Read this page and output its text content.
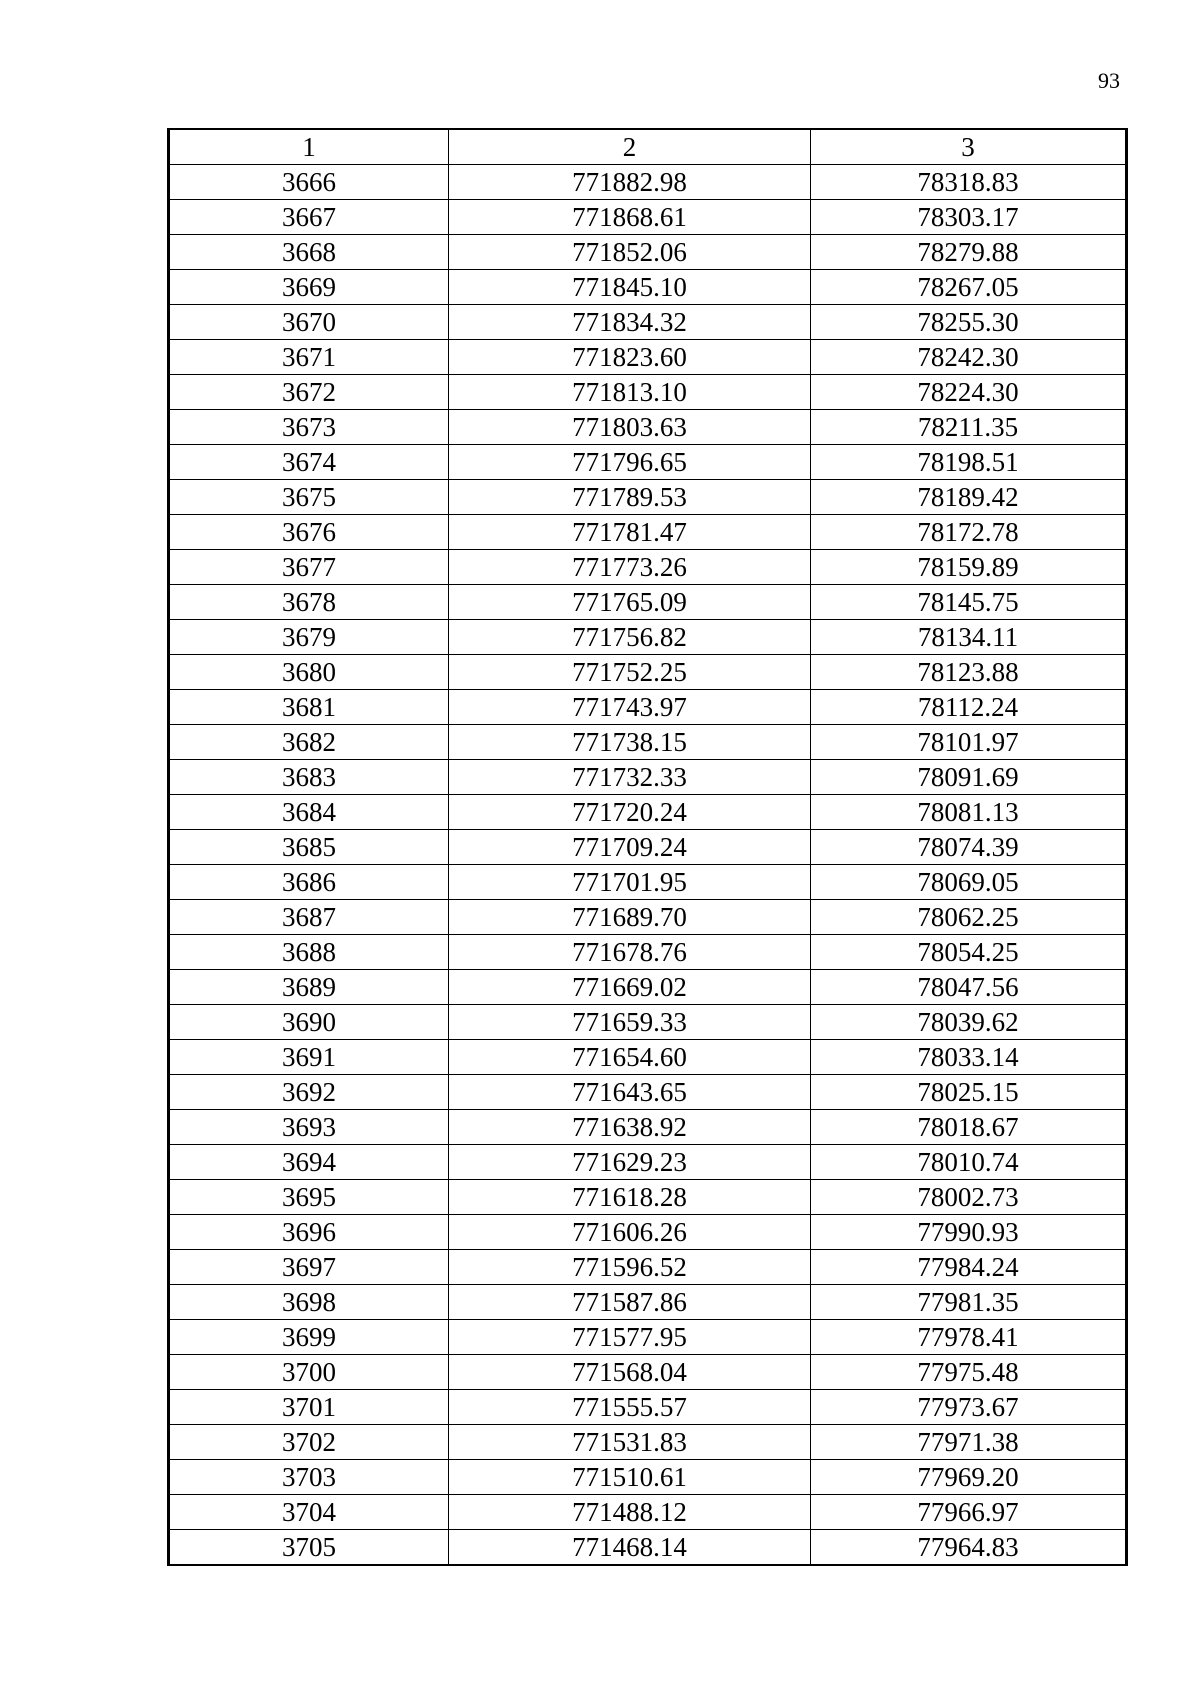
93
1	2	3
3666	771882.98	78318.83
3667	771868.61	78303.17
3668	771852.06	78279.88
3669	771845.10	78267.05
3670	771834.32	78255.30
3671	771823.60	78242.30
3672	771813.10	78224.30
3673	771803.63	78211.35
3674	771796.65	78198.51
3675	771789.53	78189.42
3676	771781.47	78172.78
3677	771773.26	78159.89
3678	771765.09	78145.75
3679	771756.82	78134.11
3680	771752.25	78123.88
3681	771743.97	78112.24
3682	771738.15	78101.97
3683	771732.33	78091.69
3684	771720.24	78081.13
3685	771709.24	78074.39
3686	771701.95	78069.05
3687	771689.70	78062.25
3688	771678.76	78054.25
3689	771669.02	78047.56
3690	771659.33	78039.62
3691	771654.60	78033.14
3692	771643.65	78025.15
3693	771638.92	78018.67
3694	771629.23	78010.74
3695	771618.28	78002.73
3696	771606.26	77990.93
3697	771596.52	77984.24
3698	771587.86	77981.35
3699	771577.95	77978.41
3700	771568.04	77975.48
3701	771555.57	77973.67
3702	771531.83	77971.38
3703	771510.61	77969.20
3704	771488.12	77966.97
3705	771468.14	77964.83
